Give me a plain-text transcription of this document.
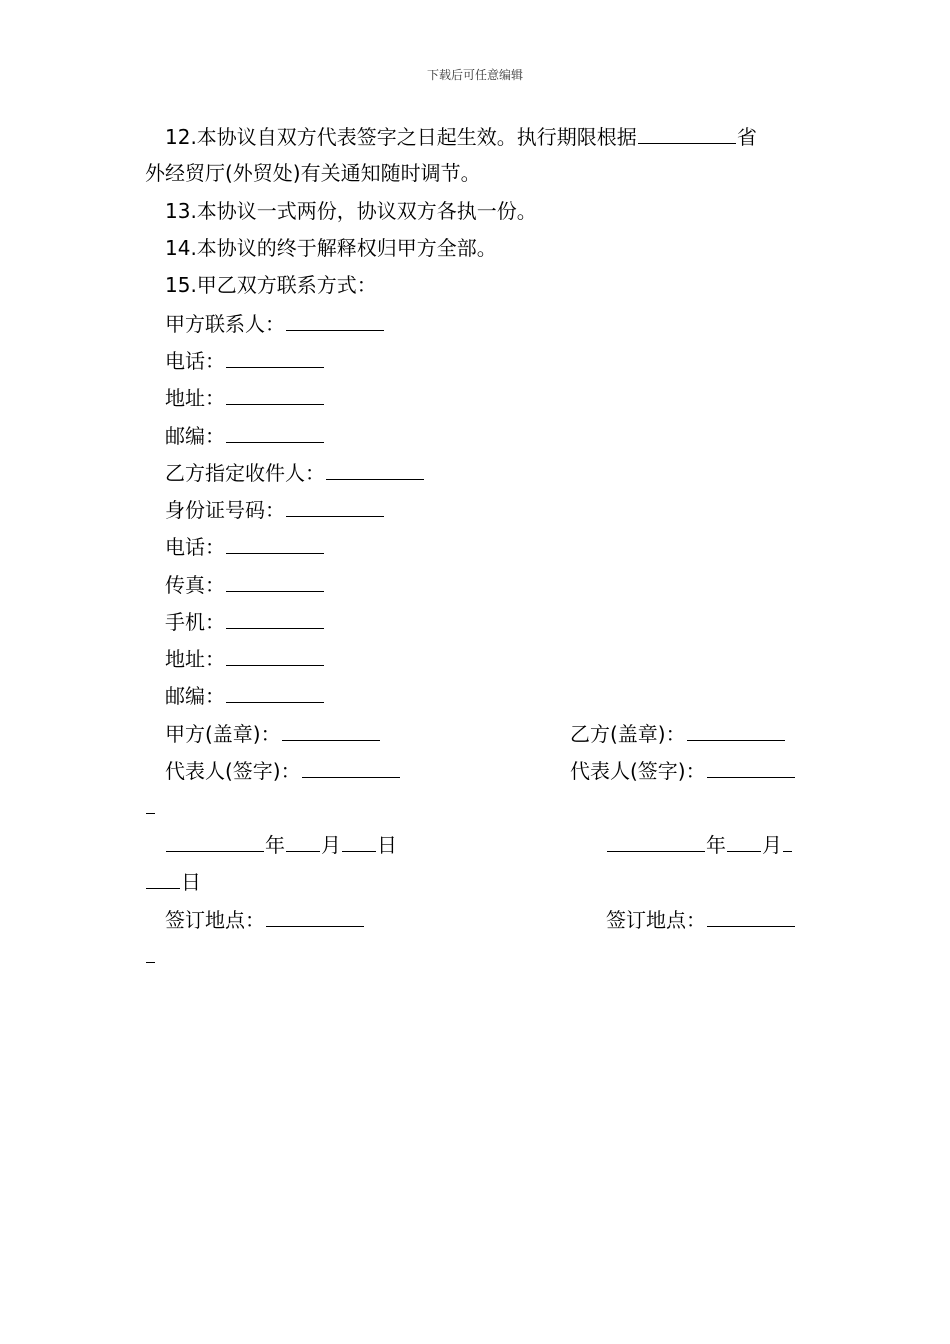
下载后可任意编辑
12.本协议自双方代表签字之日起生效。执行期限根据	省
外经贸厅(外贸处)有关通知随时调节。
13.本协议一式两份，协议双方各执一份。
14.本协议的终于解释权归甲方全部。
15.甲乙双方联系方式：
甲方联系人：
电话：
地址：
邮编：
乙方指定收件人：
身份证号码：
电话：
传真：
手机：
地址：
邮编：
甲方(盖章)：	乙方(盖章)：
代表人(签字)：	代表人(签字)：
年 月 日	年 月
日
签订地点：	签订地点：
